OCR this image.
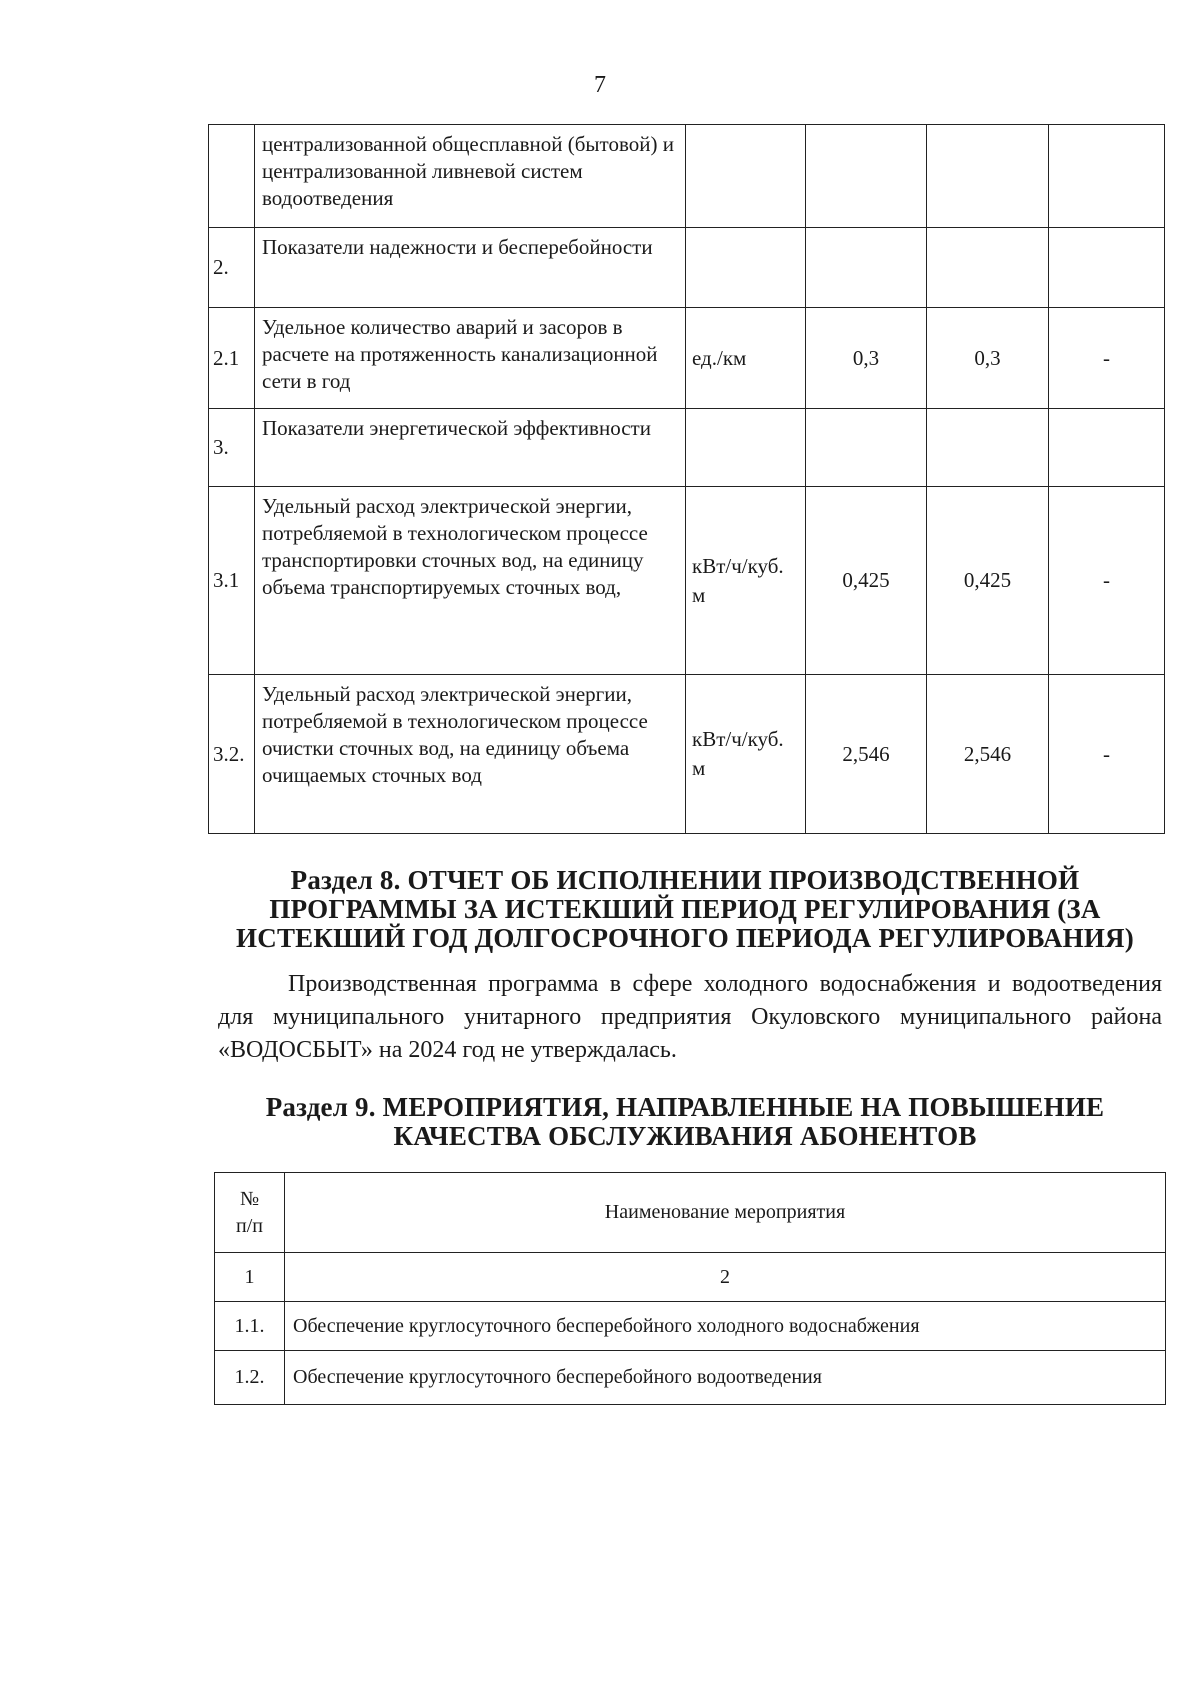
7
	централизованной общесплавной (бытовой) и централизованной ливневой систем водоотведения				
2.	Показатели надежности и бесперебойности				
2.1	Удельное количество аварий и засоров в расчете на протяженность канализационной сети в год	ед./км	0,3	0,3	-
3.	Показатели энергетической эффективности				
3.1	Удельный расход электрической энергии, потребляемой в технологическом процессе транспортировки сточных вод, на единицу объема транспортируемых сточных вод,	кВт/ч/куб. м	0,425	0,425	-
3.2.	Удельный расход электрической энергии, потребляемой в технологическом процессе очистки сточных вод, на единицу объема очищаемых сточных вод	кВт/ч/куб. м	2,546	2,546	-
Раздел 8. ОТЧЕТ ОБ ИСПОЛНЕНИИ ПРОИЗВОДСТВЕННОЙ ПРОГРАММЫ ЗА ИСТЕКШИЙ ПЕРИОД РЕГУЛИРОВАНИЯ (ЗА ИСТЕКШИЙ ГОД ДОЛГОСРОЧНОГО ПЕРИОДА РЕГУЛИРОВАНИЯ)

Производственная программа в сфере холодного водоснабжения и водоотведения для муниципального унитарного предприятия Окуловского муниципального района «ВОДОСБЫТ» на 2024 год не утверждалась.

Раздел 9. МЕРОПРИЯТИЯ, НАПРАВЛЕННЫЕ НА ПОВЫШЕНИЕ КАЧЕСТВА ОБСЛУЖИВАНИЯ АБОНЕНТОВ
№ п/п	Наименование мероприятия
1	2
1.1.	Обеспечение круглосуточного бесперебойного холодного водоснабжения
1.2.	Обеспечение круглосуточного бесперебойного водоотведения
